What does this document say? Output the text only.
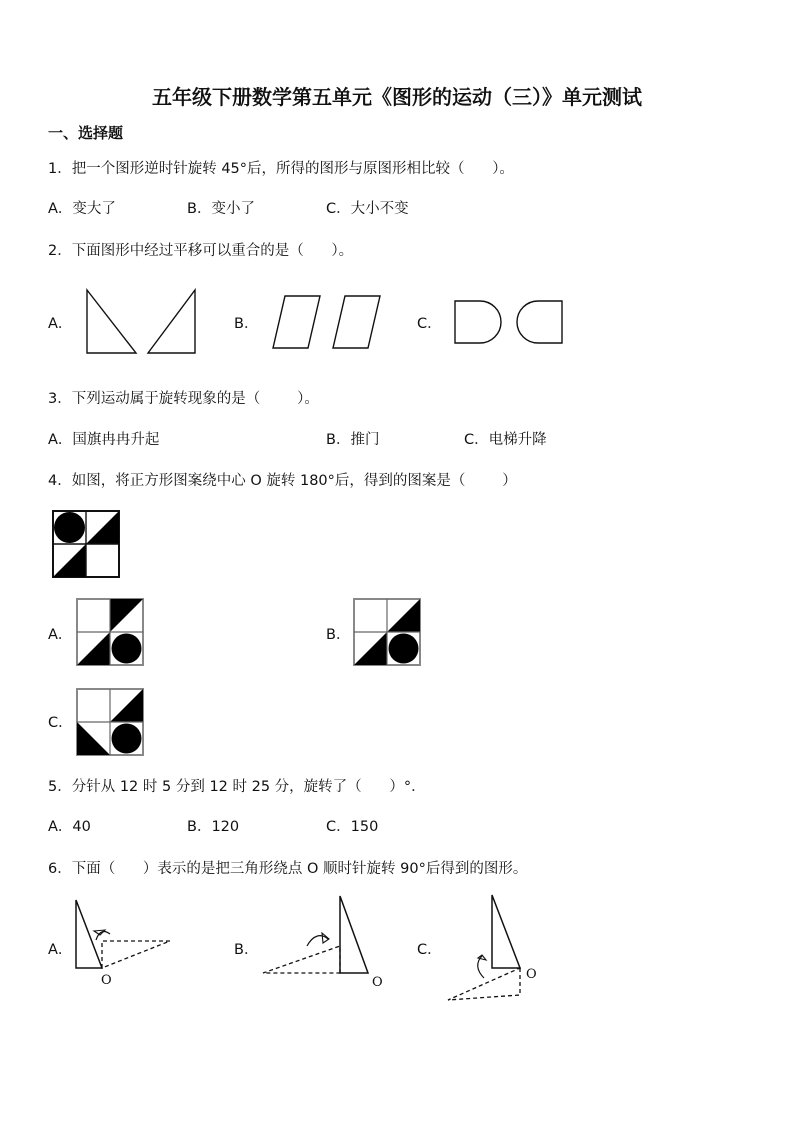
五年级下册数学第五单元《图形的运动（三）》单元测试
一、选择题
1．把一个图形逆时针旋转 45°后，所得的图形与原图形相比较（      ）。
A．变大了	B．变小了	C．大小不变
2．下面图形中经过平移可以重合的是（      ）。
A．	B．	C．
3．下列运动属于旋转现象的是（        ）。
A．国旗冉冉升起	B．推门	C．电梯升降
4．如图，将正方形图案绕中心 O 旋转 180°后，得到的图案是（        ）
A．	B．
C．
5．分针从 12 时 5 分到 12 时 25 分，旋转了（      ）°．
A．40	B．120	C．150
6．下面（      ）表示的是把三角形绕点 O 顺时针旋转 90°后得到的图形。
A．
O
B．
O
C．
O
